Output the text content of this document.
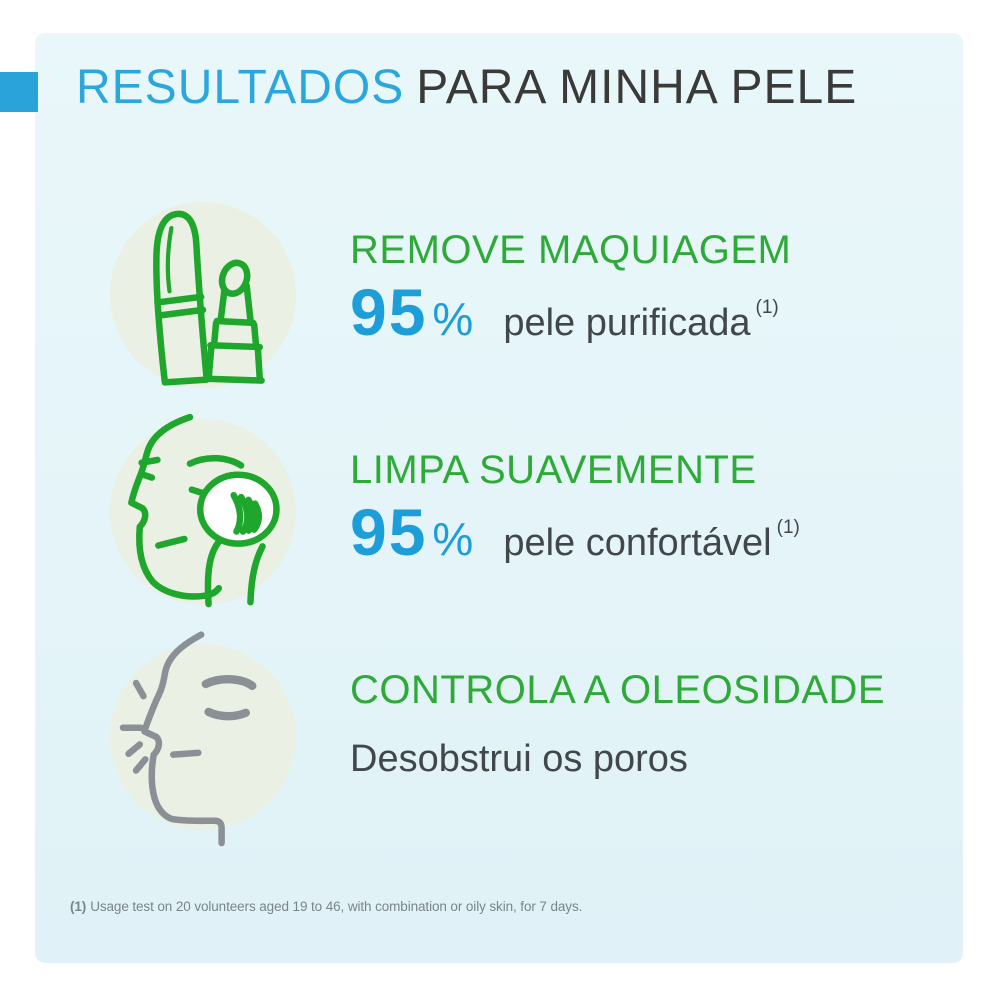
RESULTADOS PARA MINHA PELE
REMOVE MAQUIAGEM
95 % pele purificada (1)
LIMPA SUAVEMENTE
95 % pele confortável (1)
CONTROLA A OLEOSIDADE
Desobstrui os poros
(1) Usage test on 20 volunteers aged 19 to 46, with combination or oily skin, for 7 days.
